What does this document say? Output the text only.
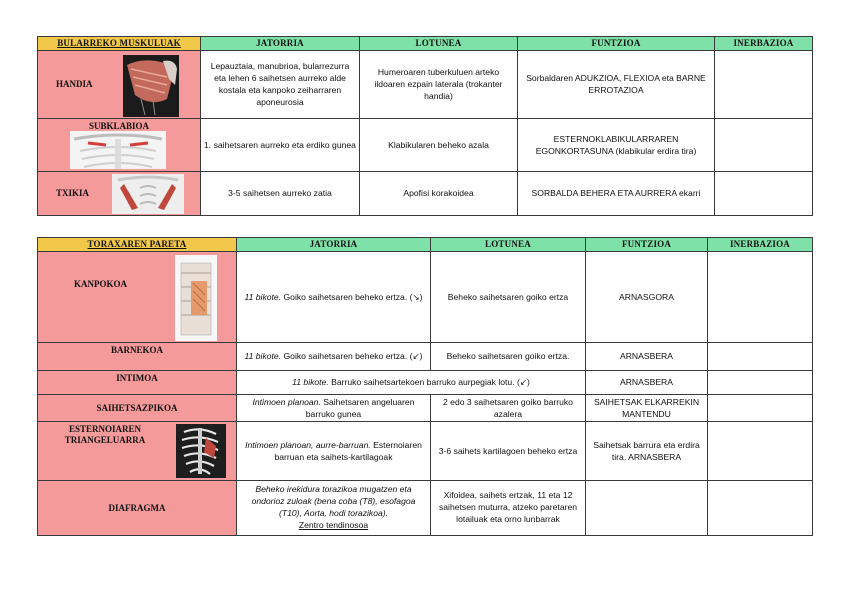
BULARREKO MUSKULUAK	JATORRIA	LOTUNEA	FUNTZIOA	INERBAZIOA
HANDIA	Lepauztaia, manubrioa, bularrezurra eta lehen 6 saihetsen aurreko alde kostala eta kanpoko zeiharraren aponeurosia	Humeroaren tuberkuluen arteko ildoaren ezpain laterala (trokanter handia)	Sorbaldaren ADUKZIOA, FLEXIOA eta BARNE ERROTAZIOA	

SUBKLABIOA	1. saihetsaren aurreko eta erdiko gunea	Klabikularen beheko azala	ESTERNOKLABIKULARRAREN EGONKORTASUNA (klabikular erdira tira)	
TXIKIA	3-5 saihetsen aurreko zatia	Apofisi korakoidea	SORBALDA BEHERA ETA AURRERA ekarri	
TORAXAREN PARETA	JATORRIA	LOTUNEA	FUNTZIOA	INERBAZIOA
KANPOKOA	11 bikote. Goiko saihetsaren beheko ertza. (↘)	Beheko saihetsaren goiko ertza	ARNASGORA	
BARNEKOA	11 bikote. Goiko saihetsaren beheko ertza. (↙)	Beheko saihetsaren goiko ertza.	ARNASBERA	
INTIMOA	11 bikote. Barruko saihetsartekoen barruko aurpegiak lotu. (↙)		ARNASBERA	
SAIHETSAZPIKOA	Intimoen planoan. Saihetsaren angeluaren barruko gunea	2 edo 3 saihetsaren goiko barruko azalera	SAIHETSAK ELKARREKIN MANTENDU	
ESTERNOIAREN TRIANGELUARRA	Intimoen planoan, aurre-barruan. Esternoiaren barruan eta saihets-kartilagoak	3-6 saihets kartilagoen beheko ertza	Saihetsak barrura eta erdira tira. ARNASBERA	
DIAFRAGMA	Beheko irekidura torazikoa mugatzen eta ondorioz zuloak (bena coba (T8), esofagoa (T10), Aorta, hodi torazikoa).
Zentro tendinosoa	Xifoidea, saihets ertzak, 11 eta 12 saihetsen muturra, atzeko paretaren lotailuak eta orno lunbarrak		
